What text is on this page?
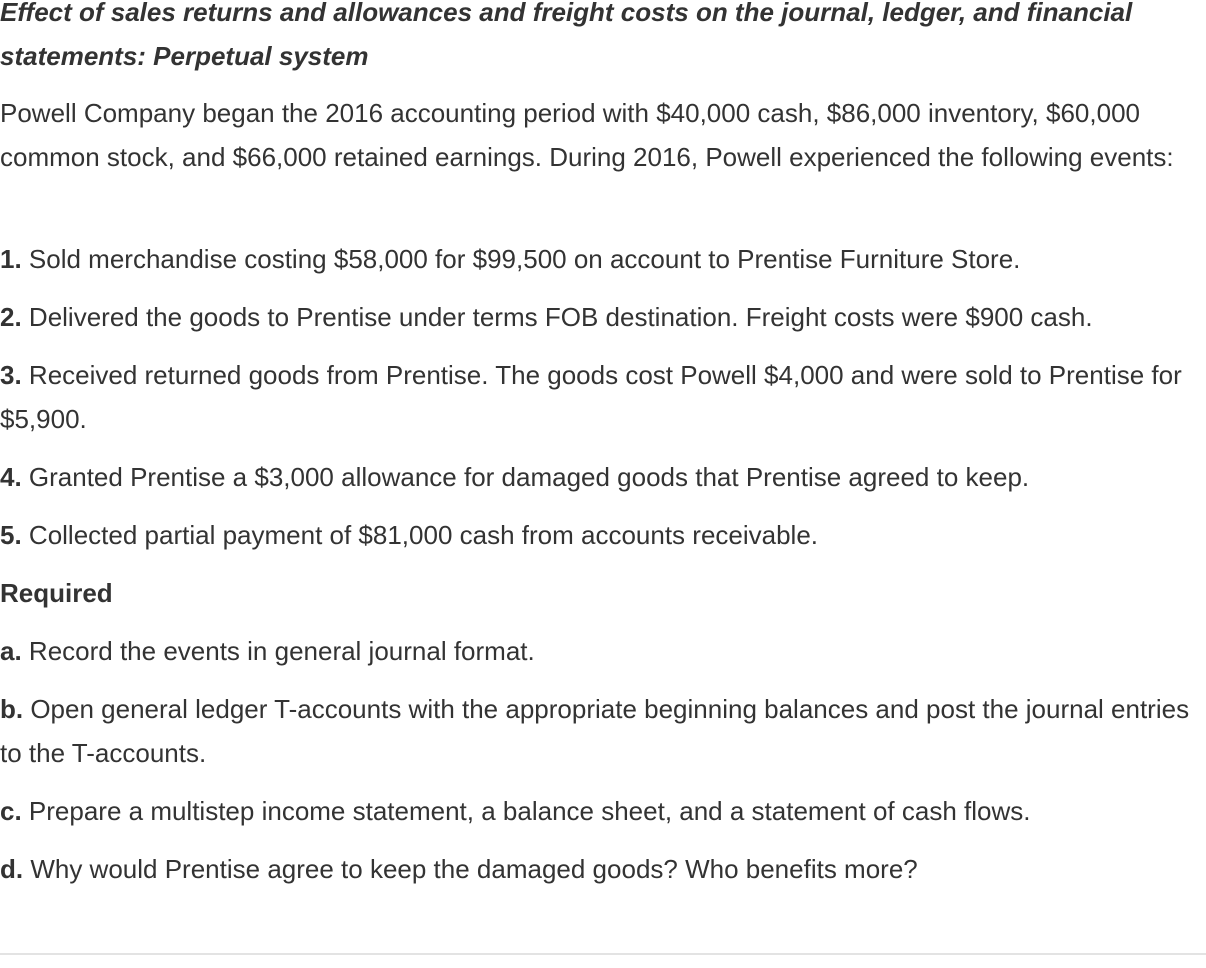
Effect of sales returns and allowances and freight costs on the journal, ledger, and financial statements: Perpetual system

Powell Company began the 2016 accounting period with $40,000 cash, $86,000 inventory, $60,000 common stock, and $66,000 retained earnings. During 2016, Powell experienced the following events:

1. Sold merchandise costing $58,000 for $99,500 on account to Prentise Furniture Store.

2. Delivered the goods to Prentise under terms FOB destination. Freight costs were $900 cash.

3. Received returned goods from Prentise. The goods cost Powell $4,000 and were sold to Prentise for $5,900.

4. Granted Prentise a $3,000 allowance for damaged goods that Prentise agreed to keep.

5. Collected partial payment of $81,000 cash from accounts receivable.

Required

a. Record the events in general journal format.

b. Open general ledger T-accounts with the appropriate beginning balances and post the journal entries to the T-accounts.

c. Prepare a multistep income statement, a balance sheet, and a statement of cash flows.

d. Why would Prentise agree to keep the damaged goods? Who benefits more?
